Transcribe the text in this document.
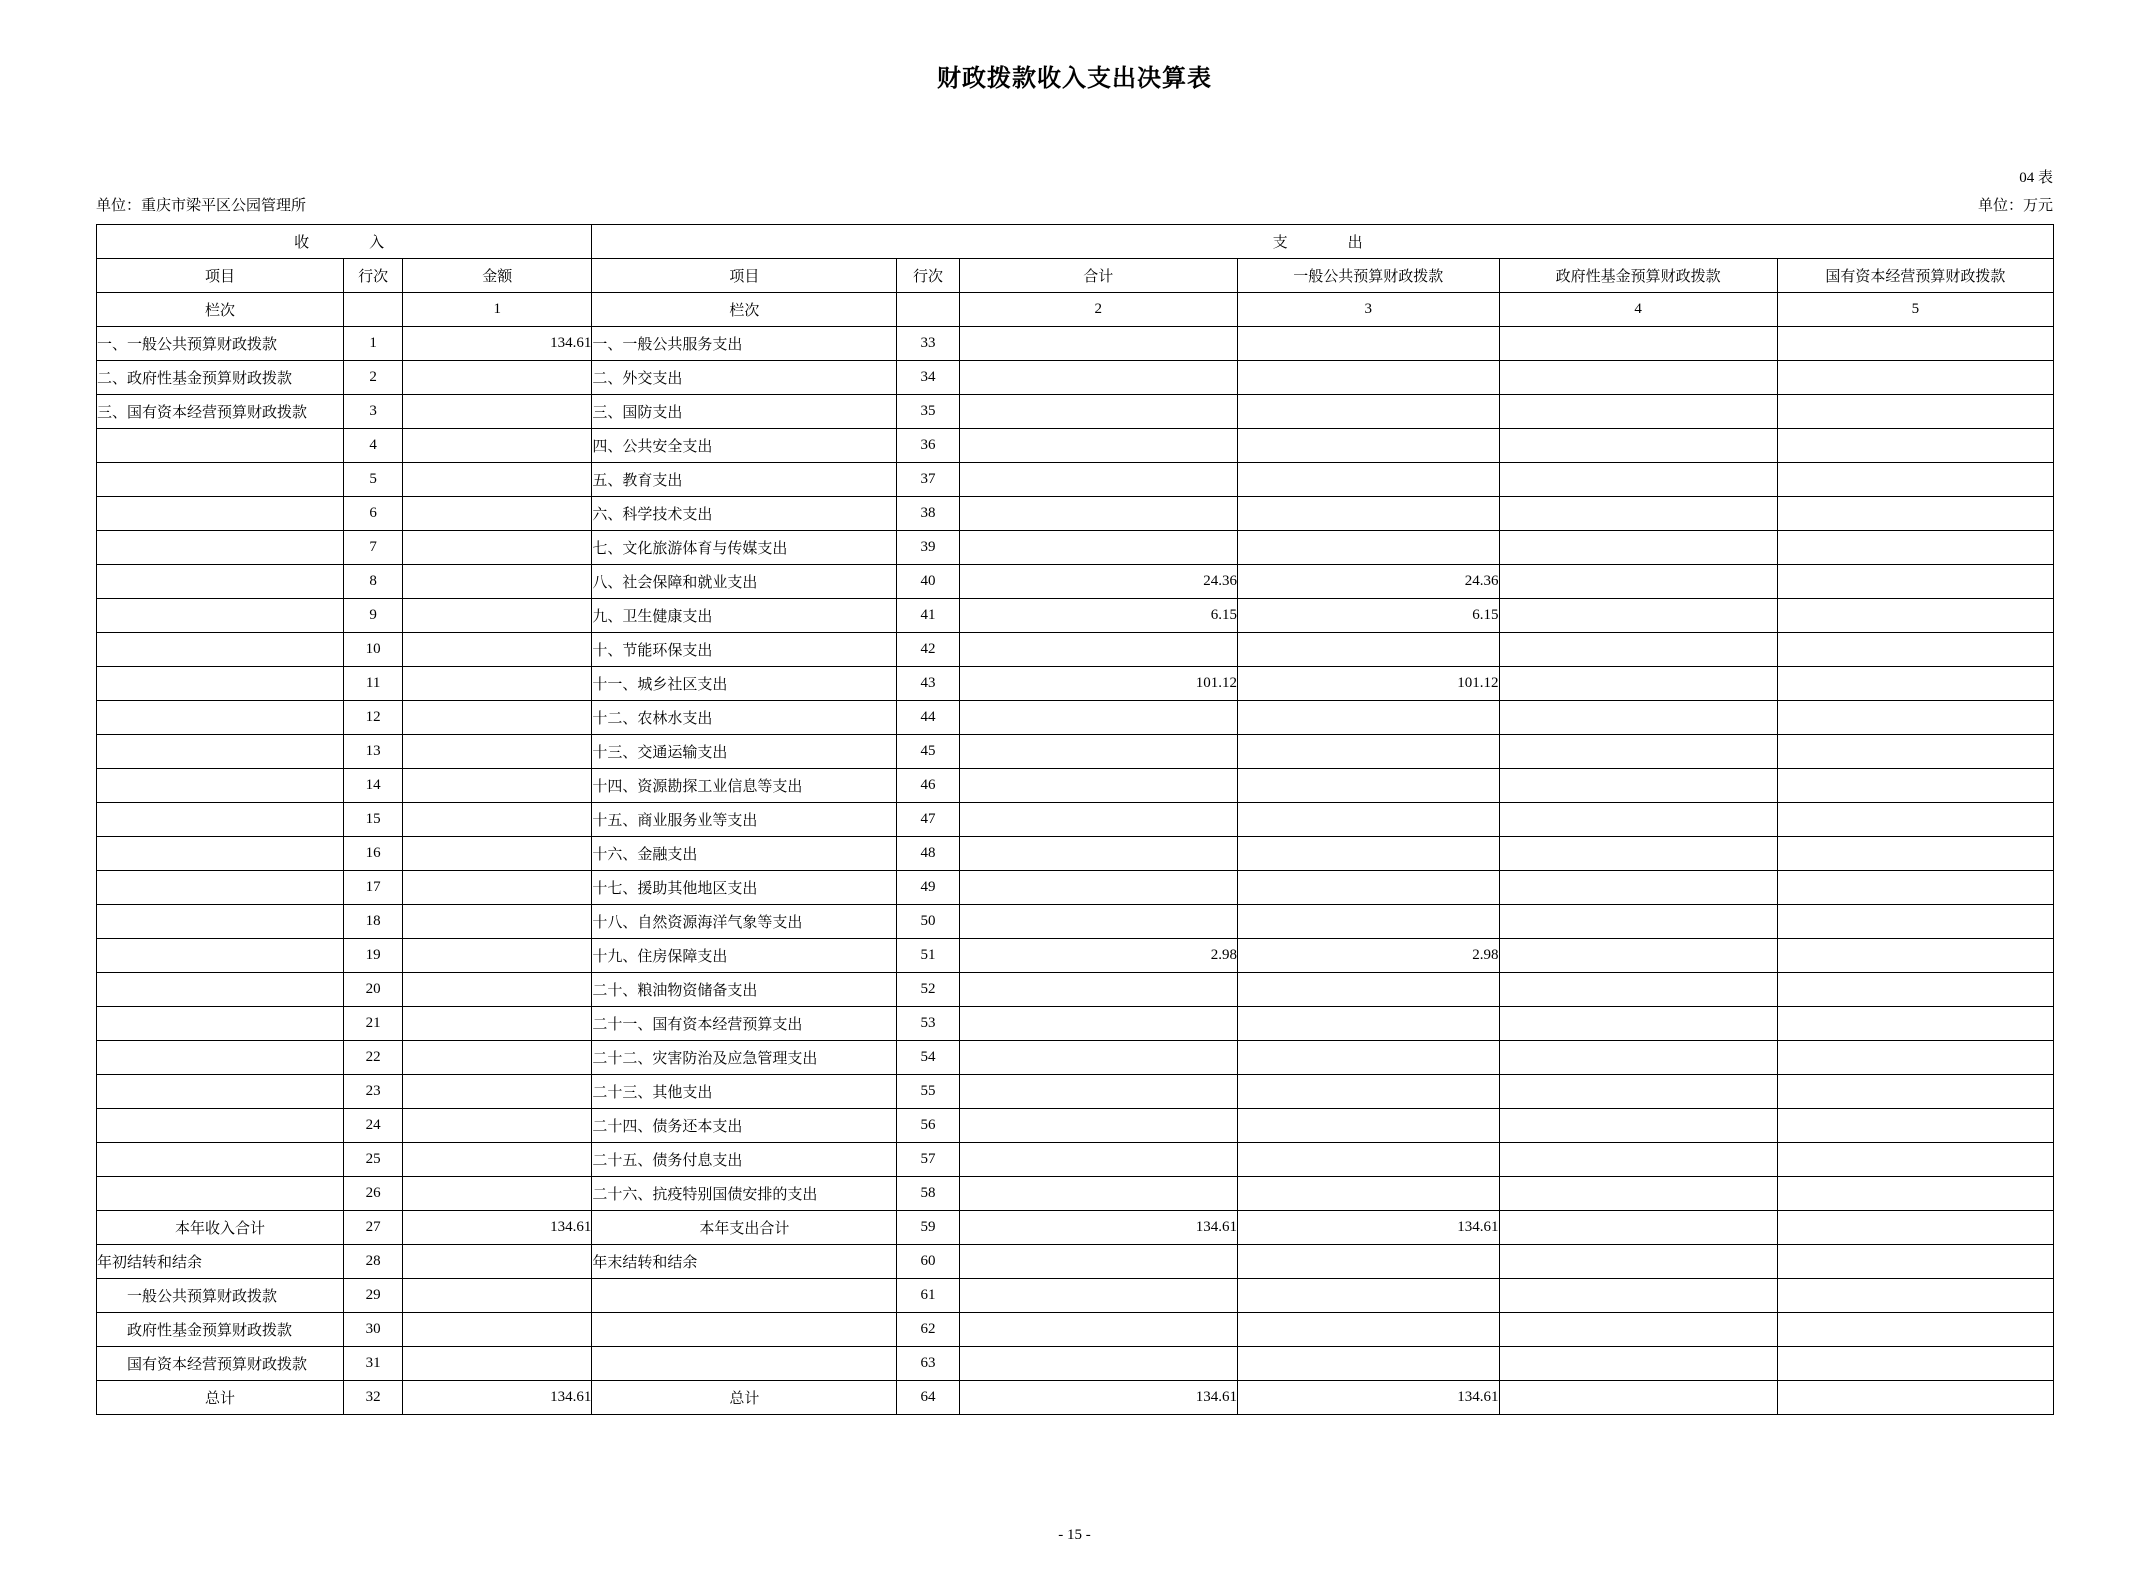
财政拨款收入支出决算表
04 表
单位：重庆市梁平区公园管理所	单位：万元
收　　入			支　　出					
项目	行次	金额	项目	行次	合计	一般公共预算财政拨款	政府性基金预算财政拨款	国有资本经营预算财政拨款
栏次		1	栏次		2	3	4	5
一、一般公共预算财政拨款	1	134.61	一、一般公共服务支出	33				
二、政府性基金预算财政拨款	2		二、外交支出	34				
三、国有资本经营预算财政拨款	3		三、国防支出	35				
	4		四、公共安全支出	36				
	5		五、教育支出	37				
	6		六、科学技术支出	38				
	7		七、文化旅游体育与传媒支出	39				
	8		八、社会保障和就业支出	40	24.36	24.36		
	9		九、卫生健康支出	41	6.15	6.15		
	10		十、节能环保支出	42				
	11		十一、城乡社区支出	43	101.12	101.12		
	12		十二、农林水支出	44				
	13		十三、交通运输支出	45				
	14		十四、资源勘探工业信息等支出	46				
	15		十五、商业服务业等支出	47				
	16		十六、金融支出	48				
	17		十七、援助其他地区支出	49				
	18		十八、自然资源海洋气象等支出	50				
	19		十九、住房保障支出	51	2.98	2.98		
	20		二十、粮油物资储备支出	52				
	21		二十一、国有资本经营预算支出	53				
	22		二十二、灾害防治及应急管理支出	54				
	23		二十三、其他支出	55				
	24		二十四、债务还本支出	56				
	25		二十五、债务付息支出	57				
	26		二十六、抗疫特别国债安排的支出	58				
本年收入合计	27	134.61	本年支出合计	59	134.61	134.61		
年初结转和结余	28		年末结转和结余	60				
一般公共预算财政拨款	29			61				
政府性基金预算财政拨款	30			62				
国有资本经营预算财政拨款	31			63				
总计	32	134.61	总计	64	134.61	134.61		
- 15 -
